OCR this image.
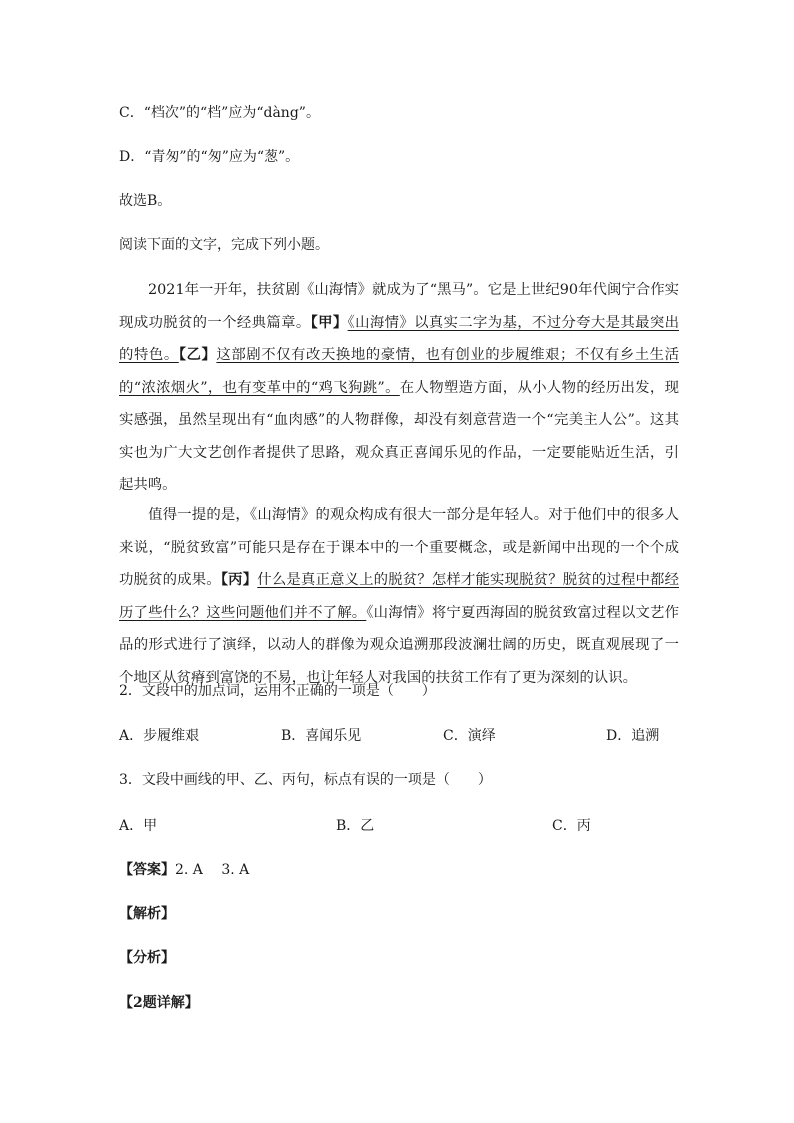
C．“档次”的“档”应为“dàng”。
D．“青匆”的“匆”应为“葱”。
故选B。
阅读下面的文字，完成下列小题。
2021年一开年，扶贫剧《山海情》就成为了“黑马”。它是上世纪90年代闽宁合作实现成功脱贫的一个经典篇章。【甲】《山海情》以真实二字为基，不过分夸大是其最突出的特色。【乙】这部剧不仅有改天换地的豪情，也有创业的步履维艰；不仅有乡土生活的“浓浓烟火”，也有变革中的“鸡飞狗跳”。在人物塑造方面，从小人物的经历出发，现实感强，虽然呈现出有“血肉感”的人物群像，却没有刻意营造一个“完美主人公”。这其实也为广大文艺创作者提供了思路，观众真正喜闻乐见的作品，一定要能贴近生活，引起共鸣。
值得一提的是，《山海情》的观众构成有很大一部分是年轻人。对于他们中的很多人来说，“脱贫致富”可能只是存在于课本中的一个重要概念，或是新闻中出现的一个个成功脱贫的成果。【丙】什么是真正意义上的脱贫？怎样才能实现脱贫？脱贫的过程中都经历了些什么？这些问题他们并不了解。《山海情》将宁夏西海固的脱贫致富过程以文艺作品的形式进行了演绎，以动人的群像为观众追溯那段波澜壮阔的历史，既直观展现了一个地区从贫瘠到富饶的不易，也让年轻人对我国的扶贫工作有了更为深刻的认识。
2．文段中的加点词，运用不正确的一项是（　　）
A．步履维艰	B．喜闻乐见	C．演绎	D．追溯
3．文段中画线的甲、乙、丙句，标点有误的一项是（　　）
A．甲	B．乙	C．丙
【答案】2. A　 3. A
【解析】
【分析】
【2题详解】
